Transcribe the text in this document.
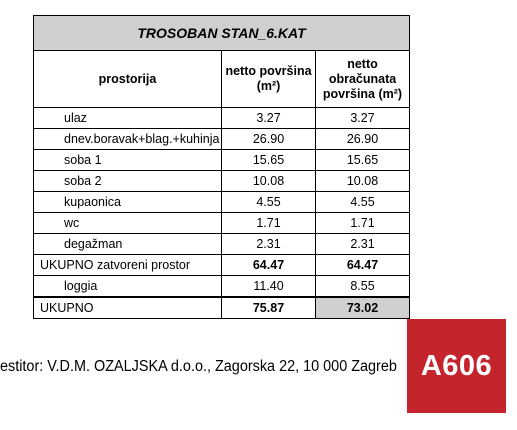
TROSOBAN STAN_6.KAT		
prostorija	netto površina (m²)	netto obračunata površina (m²)
ulaz	3.27	3.27
dnev.boravak+blag.+kuhinja	26.90	26.90
soba 1	15.65	15.65
soba 2	10.08	10.08
kupaonica	4.55	4.55
wc	1.71	1.71
degažman	2.31	2.31
UKUPNO zatvoreni prostor	64.47	64.47
loggia	11.40	8.55
UKUPNO	75.87	73.02
estitor: V.D.M. OZALJSKA d.o.o., Zagorska 22, 10 000 Zagreb A606
